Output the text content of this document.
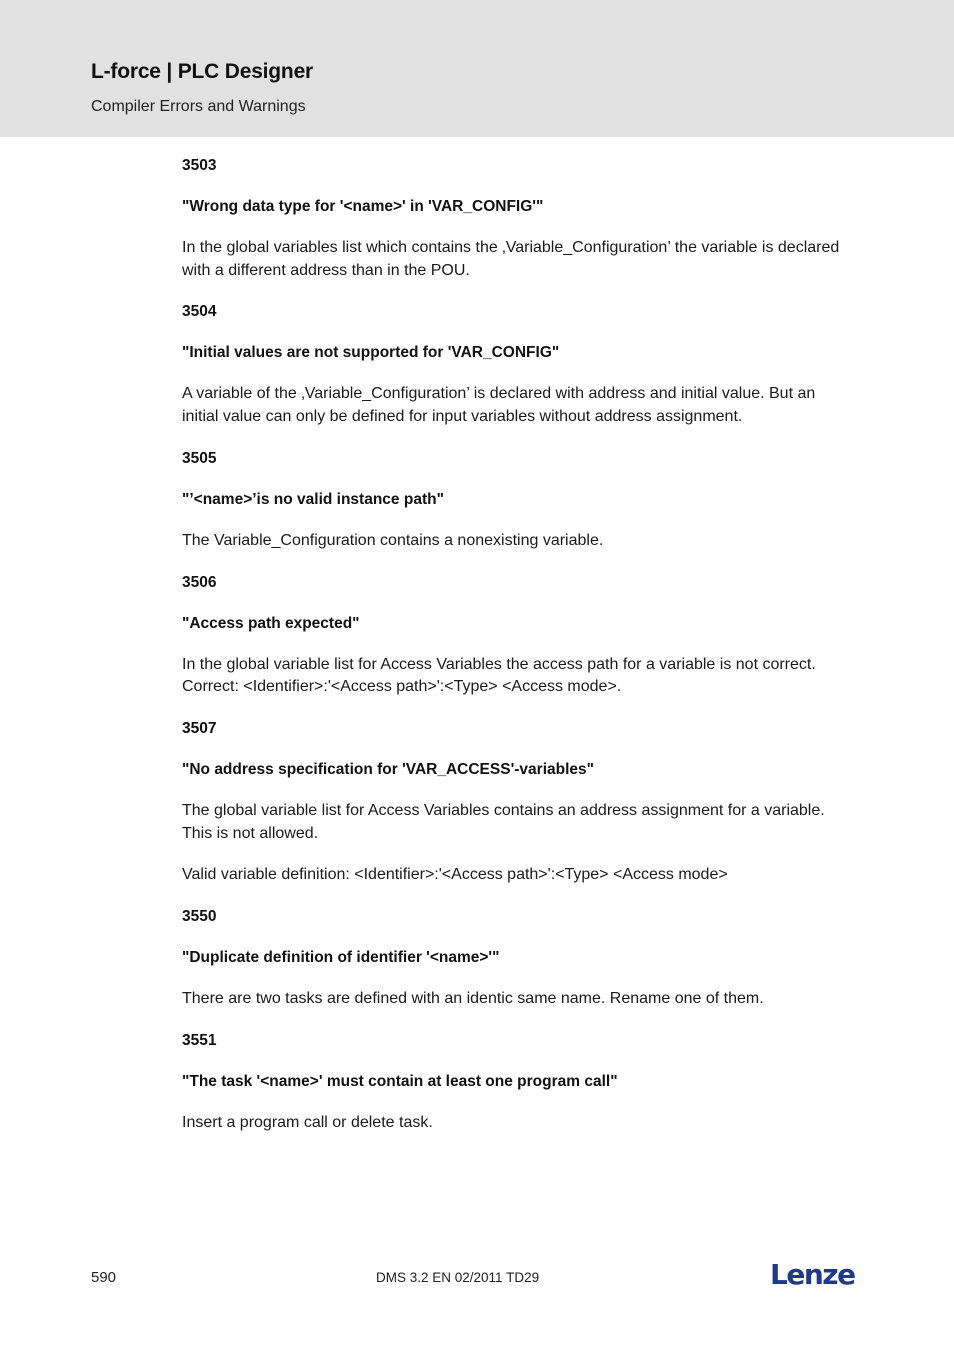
L-force | PLC Designer
Compiler Errors and Warnings
3503
"Wrong data type for '<name>' in 'VAR_CONFIG'"
In the global variables list which contains the ‚Variable_Configuration’ the variable is declared with a different address than in the POU.
3504
"Initial values are not supported for 'VAR_CONFIG"
A variable of the ‚Variable_Configuration’ is declared with address and initial value. But an initial value can only be defined for input variables without address assignment.
3505
"’<name>’is no valid instance path"
The Variable_Configuration contains a nonexisting variable.
3506
"Access path expected"
In the global variable list for Access Variables the access path for a variable is not correct. Correct: <Identifier>:'<Access path>':<Type> <Access mode>.
3507
"No address specification for 'VAR_ACCESS'-variables"
The global variable list for Access Variables contains an address assignment for a variable. This is not allowed.
Valid variable definition: <Identifier>:'<Access path>':<Type> <Access mode>
3550
"Duplicate definition of identifier '<name>'"
There are two tasks are defined with an identic same name. Rename one of them.
3551
"The task '<name>' must contain at least one program call"
Insert a program call or delete task.
590	DMS 3.2 EN 02/2011 TD29	Lenze
